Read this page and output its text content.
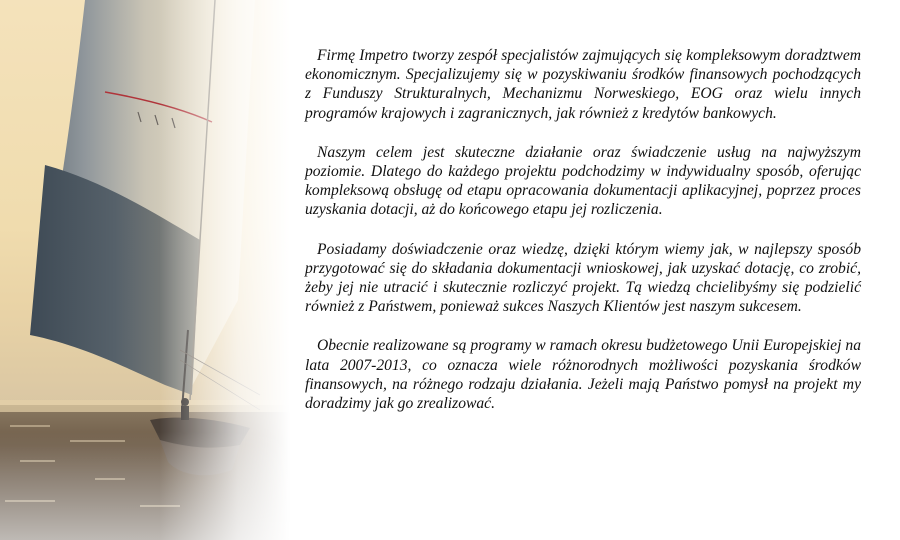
Firmę Impetro tworzy zespół specjalistów zajmujących się kompleksowym doradztwem ekonomicznym. Specjalizujemy się w pozyskiwaniu środków finansowych pochodzących z Funduszy Strukturalnych, Mechanizmu Norweskiego, EOG oraz wielu innych programów krajowych i zagranicznych, jak również z kredytów bankowych.

Naszym celem jest skuteczne działanie oraz świadczenie usług na najwyższym poziomie. Dlatego do każdego projektu podchodzimy w indywidualny sposób, oferując kompleksową obsługę od etapu opracowania dokumentacji aplikacyjnej, poprzez proces uzyskania dotacji, aż do końcowego etapu jej rozliczenia.

Posiadamy doświadczenie oraz wiedzę, dzięki którym wiemy jak, w najlepszy sposób przygotować się do składania dokumentacji wnioskowej, jak uzyskać dotację, co zrobić, żeby jej nie utracić i skutecznie rozliczyć projekt. Tą wiedzą chcielibyśmy się podzielić również z Państwem, ponieważ sukces Naszych Klientów jest naszym sukcesem.

Obecnie realizowane są programy w ramach okresu budżetowego Unii Europejskiej na lata 2007-2013, co oznacza wiele różnorodnych możliwości pozyskania środków finansowych, na różnego rodzaju działania. Jeżeli mają Państwo pomysł na projekt my doradzimy jak go zrealizować.
